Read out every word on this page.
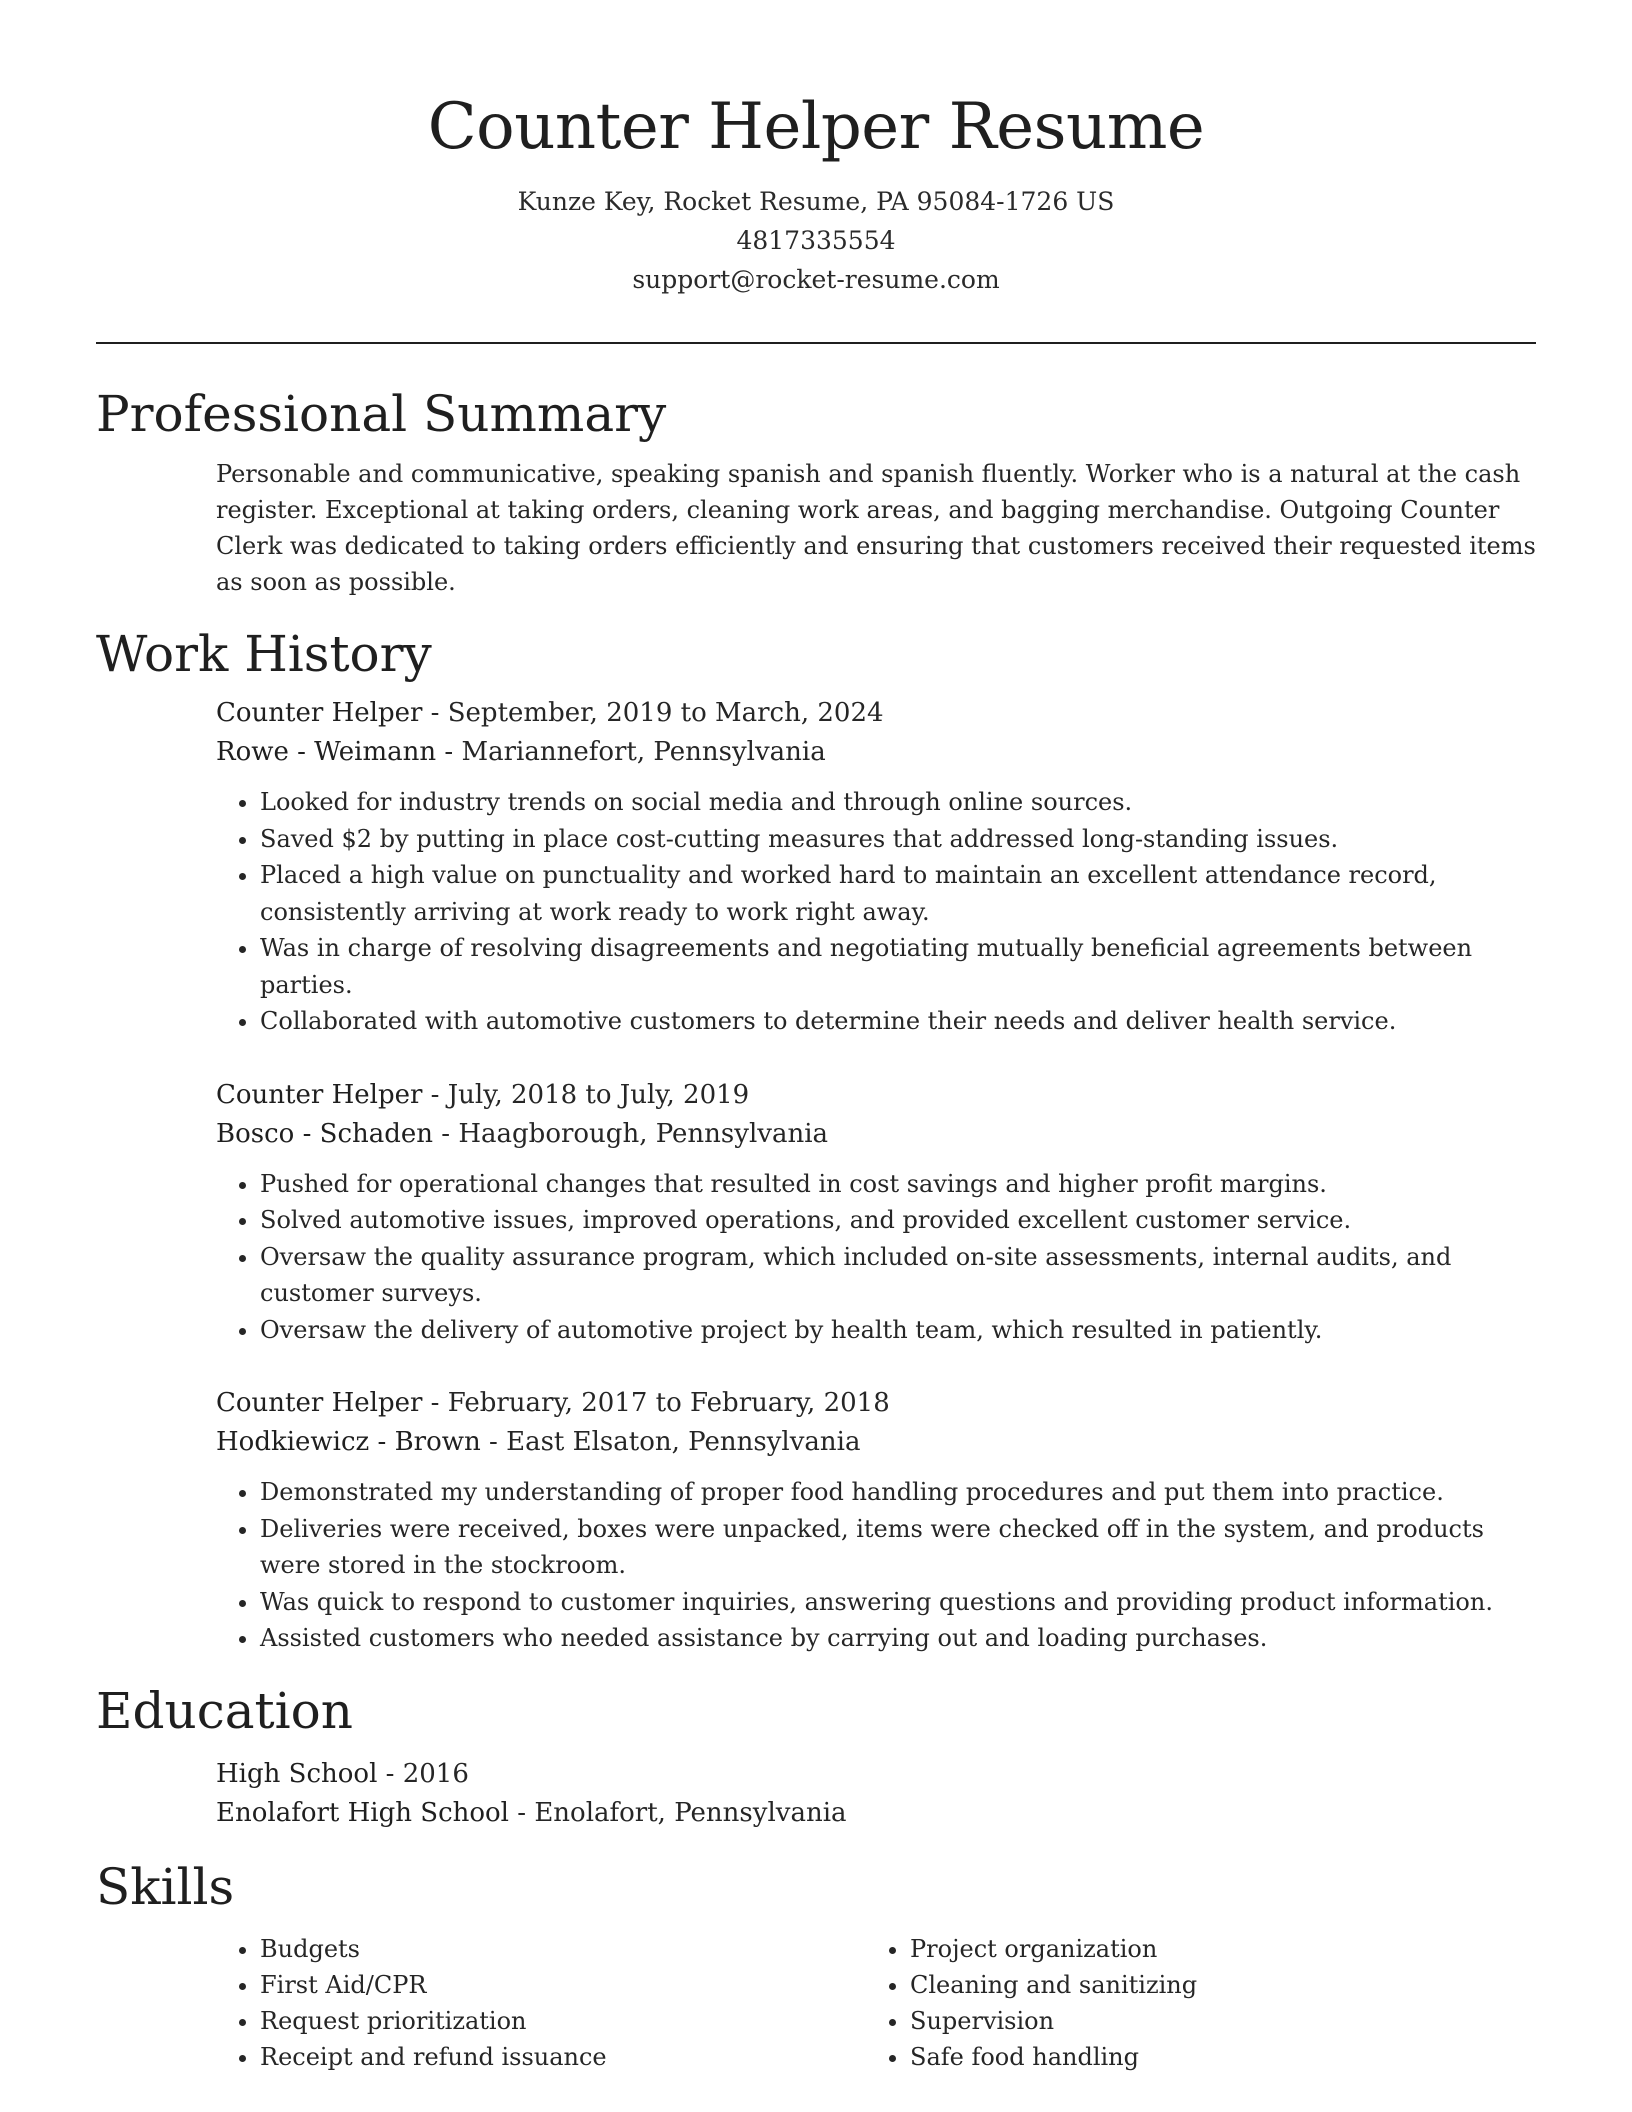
Counter Helper Resume
Kunze Key, Rocket Resume, PA 95084-1726 US
4817335554
support@rocket-resume.com
Professional Summary

Personable and communicative, speaking spanish and spanish fluently. Worker who is a natural at the cash register. Exceptional at taking orders, cleaning work areas, and bagging merchandise. Outgoing Counter Clerk was dedicated to taking orders efficiently and ensuring that customers received their requested items as soon as possible.

Work History
Counter Helper - September, 2019 to March, 2024
Rowe - Weimann - Mariannefort, Pennsylvania
• Looked for industry trends on social media and through online sources.
• Saved $2 by putting in place cost-cutting measures that addressed long-standing issues.
• Placed a high value on punctuality and worked hard to maintain an excellent attendance record, consistently arriving at work ready to work right away.
• Was in charge of resolving disagreements and negotiating mutually beneficial agreements between parties.
• Collaborated with automotive customers to determine their needs and deliver health service.
Counter Helper - July, 2018 to July, 2019
Bosco - Schaden - Haagborough, Pennsylvania
• Pushed for operational changes that resulted in cost savings and higher profit margins.
• Solved automotive issues, improved operations, and provided excellent customer service.
• Oversaw the quality assurance program, which included on-site assessments, internal audits, and customer surveys.
• Oversaw the delivery of automotive project by health team, which resulted in patiently.
Counter Helper - February, 2017 to February, 2018
Hodkiewicz - Brown - East Elsaton, Pennsylvania
• Demonstrated my understanding of proper food handling procedures and put them into practice.
• Deliveries were received, boxes were unpacked, items were checked off in the system, and products were stored in the stockroom.
• Was quick to respond to customer inquiries, answering questions and providing product information.
• Assisted customers who needed assistance by carrying out and loading purchases.
Education
High School - 2016
Enolafort High School - Enolafort, Pennsylvania
Skills
• Budgets
• First Aid/CPR
• Request prioritization
• Receipt and refund issuance
• Project organization
• Cleaning and sanitizing
• Supervision
• Safe food handling
